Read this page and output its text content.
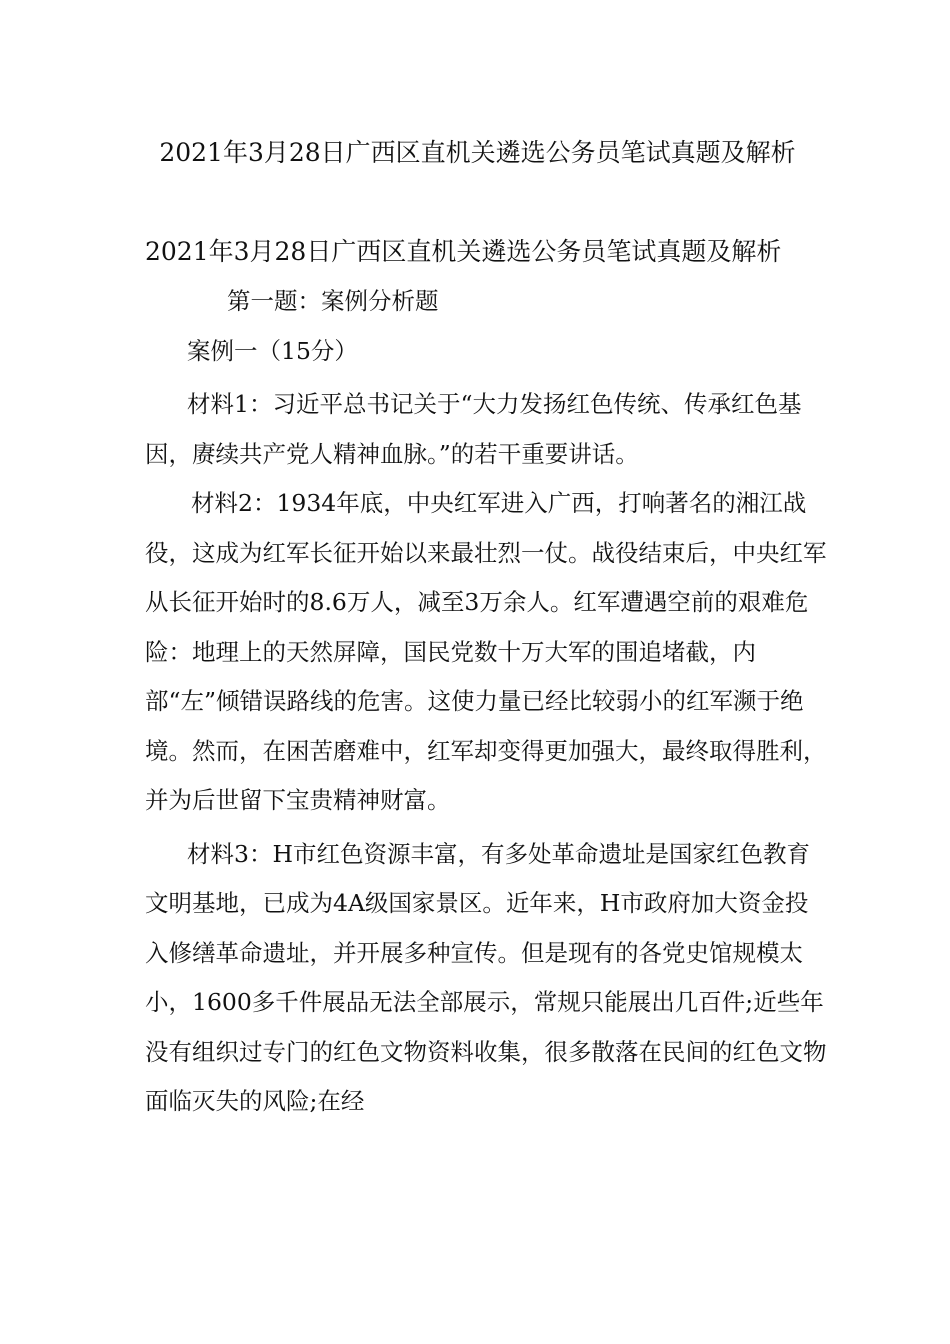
2021年3月28日广西区直机关遴选公务员笔试真题及解析

2021年3月28日广西区直机关遴选公务员笔试真题及解析

第一题：案例分析题

案例一（15分）

材料1：习近平总书记关于“大力发扬红色传统、传承红色基因，赓续共产党人精神血脉。”的若干重要讲话。

材料2：1934年底，中央红军进入广西，打响著名的湘江战役，这成为红军长征开始以来最壮烈一仗。战役结束后，中央红军从长征开始时的8.6万人，减至3万余人。红军遭遇空前的艰难危险：地理上的天然屏障，国民党数十万大军的围追堵截，内部“左”倾错误路线的危害。这使力量已经比较弱小的红军濒于绝境。然而，在困苦磨难中，红军却变得更加强大，最终取得胜利，并为后世留下宝贵精神财富。

材料3：H市红色资源丰富，有多处革命遗址是国家红色教育文明基地，已成为4A级国家景区。近年来，H市政府加大资金投入修缮革命遗址，并开展多种宣传。但是现有的各党史馆规模太小，1600多千件展品无法全部展示，常规只能展出几百件;近些年没有组织过专门的红色文物资料收集，很多散落在民间的红色文物面临灭失的风险;在经
